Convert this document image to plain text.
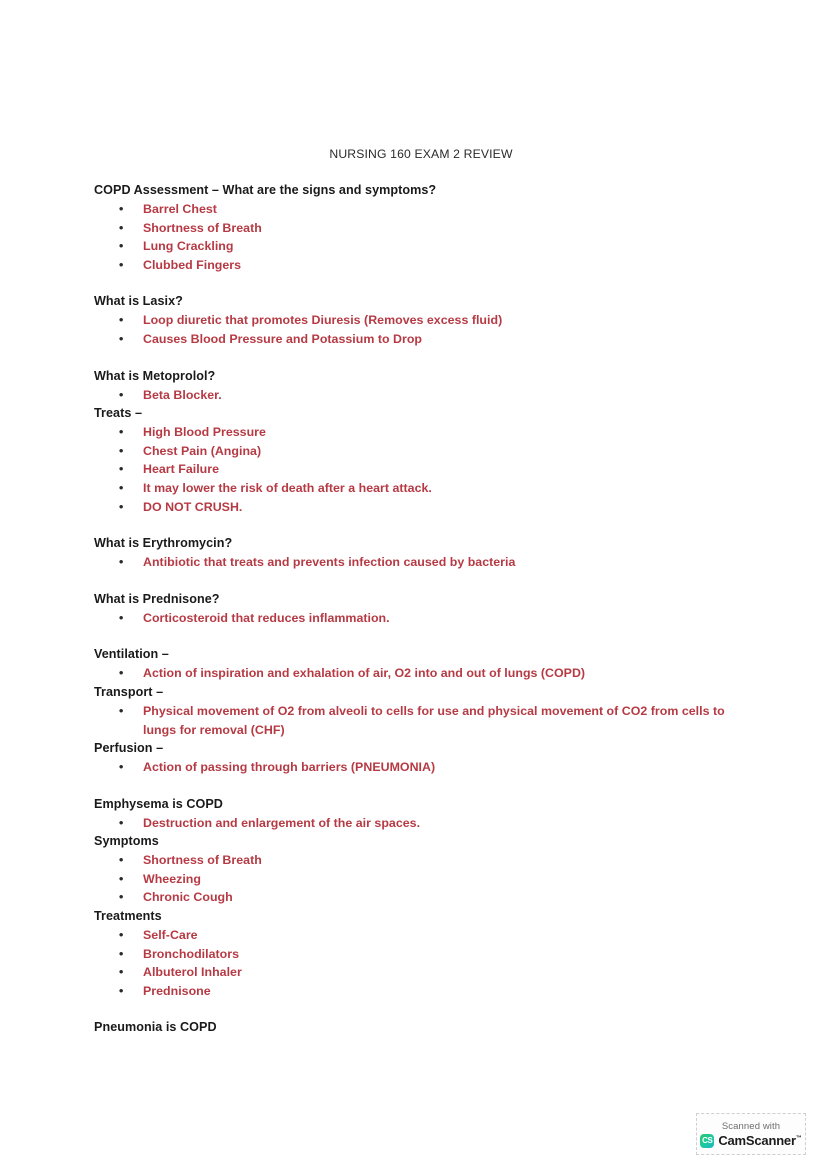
NURSING 160 EXAM 2 REVIEW
COPD Assessment – What are the signs and symptoms?
• Barrel Chest
• Shortness of Breath
• Lung Crackling
• Clubbed Fingers
What is Lasix?
• Loop diuretic that promotes Diuresis (Removes excess fluid)
• Causes Blood Pressure and Potassium to Drop
What is Metoprolol?
• Beta Blocker.
Treats –
• High Blood Pressure
• Chest Pain (Angina)
• Heart Failure
• It may lower the risk of death after a heart attack.
• DO NOT CRUSH.
What is Erythromycin?
• Antibiotic that treats and prevents infection caused by bacteria
What is Prednisone?
• Corticosteroid that reduces inflammation.
Ventilation –
• Action of inspiration and exhalation of air, O2 into and out of lungs (COPD)
Transport –
• Physical movement of O2 from alveoli to cells for use and physical movement of CO2 from cells to lungs for removal (CHF)
Perfusion –
• Action of passing through barriers (PNEUMONIA)
Emphysema is COPD
• Destruction and enlargement of the air spaces.
Symptoms
• Shortness of Breath
• Wheezing
• Chronic Cough
Treatments
• Self-Care
• Bronchodilators
• Albuterol Inhaler
• Prednisone
Pneumonia is COPD
Scanned with
CS CamScanner™
